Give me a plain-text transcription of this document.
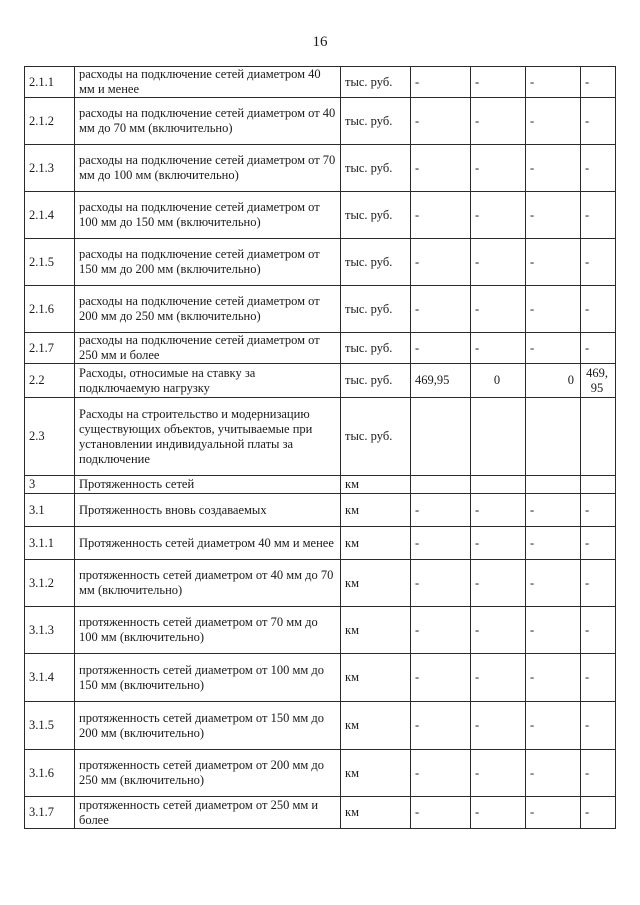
16
2.1.1	расходы на подключение сетей диаметром 40 мм и менее	тыс. руб.	-	-	-	-
2.1.2	расходы на подключение сетей диаметром от 40 мм до 70 мм (включительно)	тыс. руб.	-	-	-	-
2.1.3	расходы на подключение сетей диаметром от 70 мм до 100 мм (включительно)	тыс. руб.	-	-	-	-
2.1.4	расходы на подключение сетей диаметром от 100 мм до 150 мм (включительно)	тыс. руб.	-	-	-	-
2.1.5	расходы на подключение сетей диаметром от 150 мм до 200 мм (включительно)	тыс. руб.	-	-	-	-
2.1.6	расходы на подключение сетей диаметром от 200 мм до 250 мм (включительно)	тыс. руб.	-	-	-	-
2.1.7	расходы на подключение сетей диаметром от 250 мм и более	тыс. руб.	-	-	-	-
2.2	Расходы, относимые на ставку за подключаемую нагрузку	тыс. руб.	469,95	0	0	469, 95
2.3	Расходы на строительство и модернизацию существующих объектов, учитываемые при установлении индивидуальной платы за подключение	тыс. руб.				
3	Протяженность сетей	км				
3.1	Протяженность вновь создаваемых	км	-	-	-	-
3.1.1	Протяженность сетей диаметром 40 мм и менее	км	-	-	-	-
3.1.2	протяженность сетей диаметром от 40 мм до 70 мм (включительно)	км	-	-	-	-
3.1.3	протяженность сетей диаметром от 70 мм до 100 мм (включительно)	км	-	-	-	-
3.1.4	протяженность сетей диаметром от 100 мм до 150 мм (включительно)	км	-	-	-	-
3.1.5	протяженность сетей диаметром от 150 мм до 200 мм (включительно)	км	-	-	-	-
3.1.6	протяженность сетей диаметром от 200 мм до 250 мм (включительно)	км	-	-	-	-
3.1.7	протяженность сетей диаметром от 250 мм и более	км	-	-	-	-
